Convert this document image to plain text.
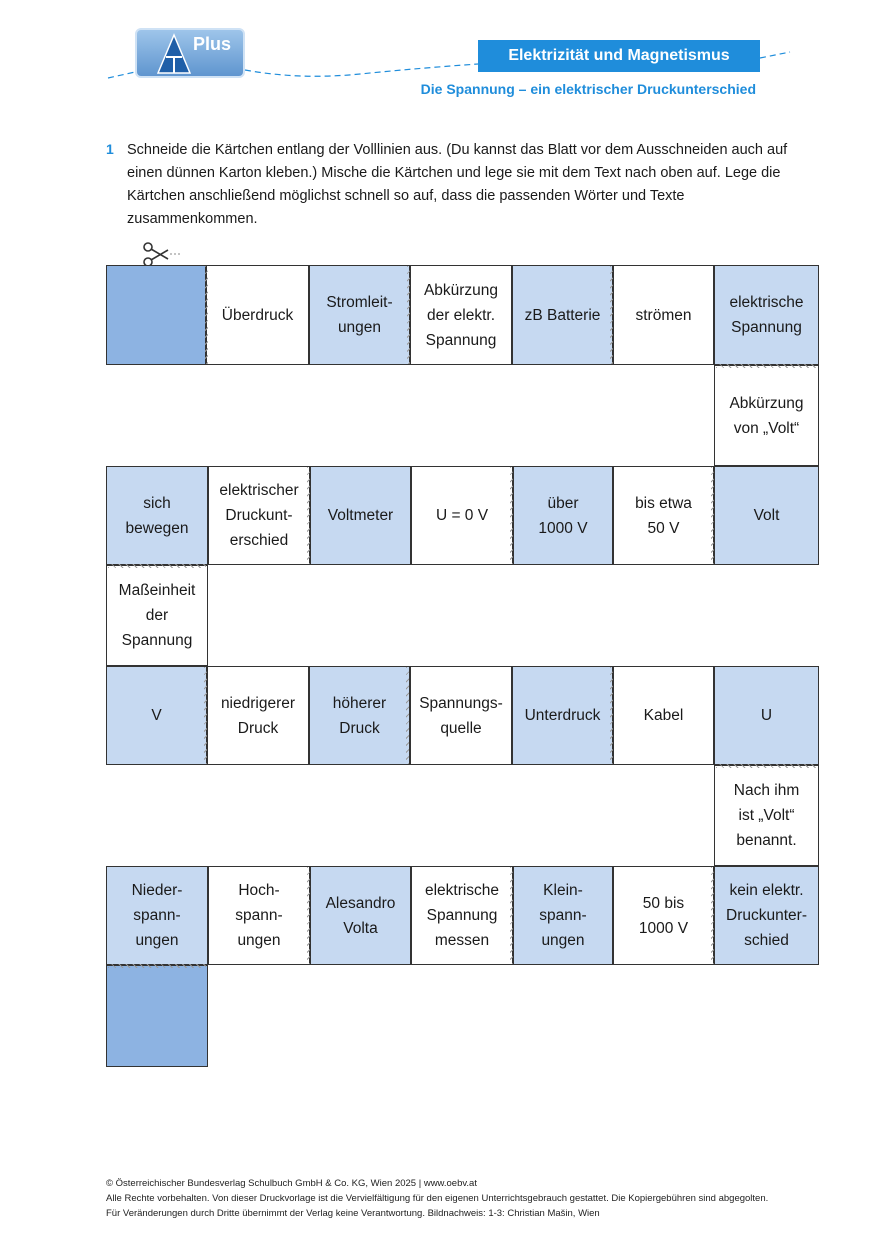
Plus
Elektrizität und Magnetismus
Die Spannung – ein elektrischer Druckunterschied
1 Schneide die Kärtchen entlang der Volllinien aus. (Du kannst das Blatt vor dem Ausschneiden auch auf einen dünnen Karton kleben.) Mische die Kärtchen und lege sie mit dem Text nach oben auf. Lege die Kärtchen anschließend möglichst schnell so auf, dass die passenden Wörter und Texte zusammenkommen.
Überdruck
Stromleit-
ungen
Abkürzung
der elektr.
Spannung
zB Batterie	strömen
elektrische
Spannung
Abkürzung
von „Volt“
sich
bewegen
elektrischer
Druckunt-
erschied
Voltmeter	U = 0 V
über
1000 V
bis etwa
50 V
Volt
Maßeinheit
der
Spannung
V
niedrigerer
Druck
höherer
Druck
Spannungs-
quelle
Unterdruck	Kabel	U
Nach ihm
ist „Volt“
benannt.
Nieder-
spann-
ungen
Hoch-
spann-
ungen
Alesandro
Volta
elektrische
Spannung
messen
Klein-
spann-
ungen
50 bis
1000 V
kein elektr.
Druckunter-
schied
© Österreichischer Bundesverlag Schulbuch GmbH & Co. KG, Wien 2025 | www.oebv.at
Alle Rechte vorbehalten. Von dieser Druckvorlage ist die Vervielfältigung für den eigenen Unterrichtsgebrauch gestattet. Die Kopiergebühren sind abgegolten.
Für Veränderungen durch Dritte übernimmt der Verlag keine Verantwortung. Bildnachweis: 1-3: Christian Mašin, Wien
